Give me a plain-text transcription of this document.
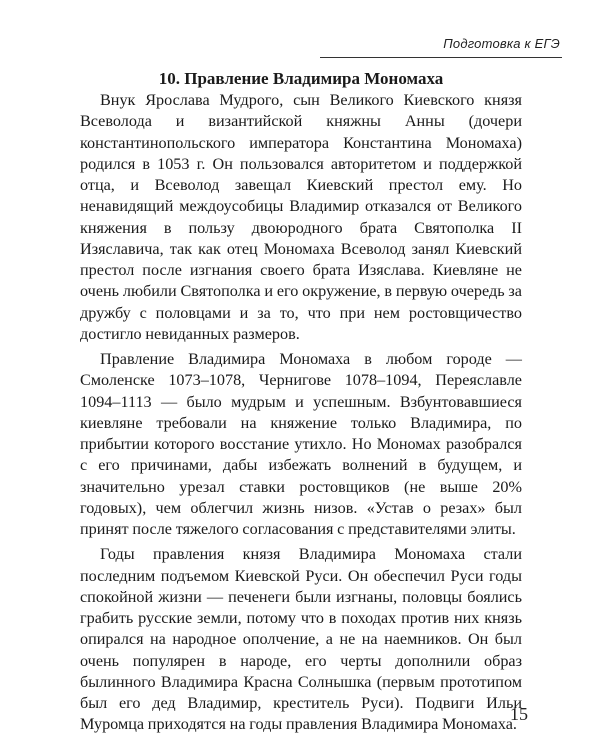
Подготовка к ЕГЭ
10. Правление Владимира Мономаха

Внук Ярослава Мудрого, сын Великого Киевского князя Всеволода и византийской княжны Анны (дочери константинопольского императора Константина Мономаха) родился в 1053 г. Он пользовался авторитетом и поддержкой отца, и Всеволод завещал Киевский престол ему. Но ненавидящий междоусобицы Владимир отказался от Великого княжения в пользу двоюродного брата Святополка II Изяславича, так как отец Мономаха Всеволод занял Киевский престол после изгнания своего брата Изяслава. Киевляне не очень любили Святополка и его окружение, в первую очередь за дружбу с половцами и за то, что при нем ростовщичество достигло невиданных размеров.

Правление Владимира Мономаха в любом городе — Смоленске 1073–1078, Чернигове 1078–1094, Переяславле 1094–1113 — было мудрым и успешным. Взбунтовавшиеся киевляне требовали на княжение только Владимира, по прибытии которого восстание утихло. Но Мономах разобрался с его причинами, дабы избежать волнений в будущем, и значительно урезал ставки ростовщиков (не выше 20% годовых), чем облегчил жизнь низов. «Устав о резах» был принят после тяжелого согласования с представителями элиты.

Годы правления князя Владимира Мономаха стали последним подъемом Киевской Руси. Он обеспечил Руси годы спокойной жизни — печенеги были изгнаны, половцы боялись грабить русские земли, потому что в походах против них князь опирался на народное ополчение, а не на наемников. Он был очень популярен в народе, его черты дополнили образ былинного Владимира Красна Солнышка (первым прототипом был его дед Владимир, креститель Руси). Подвиги Ильи Муромца приходятся на годы правления Владимира Мономаха.

15
